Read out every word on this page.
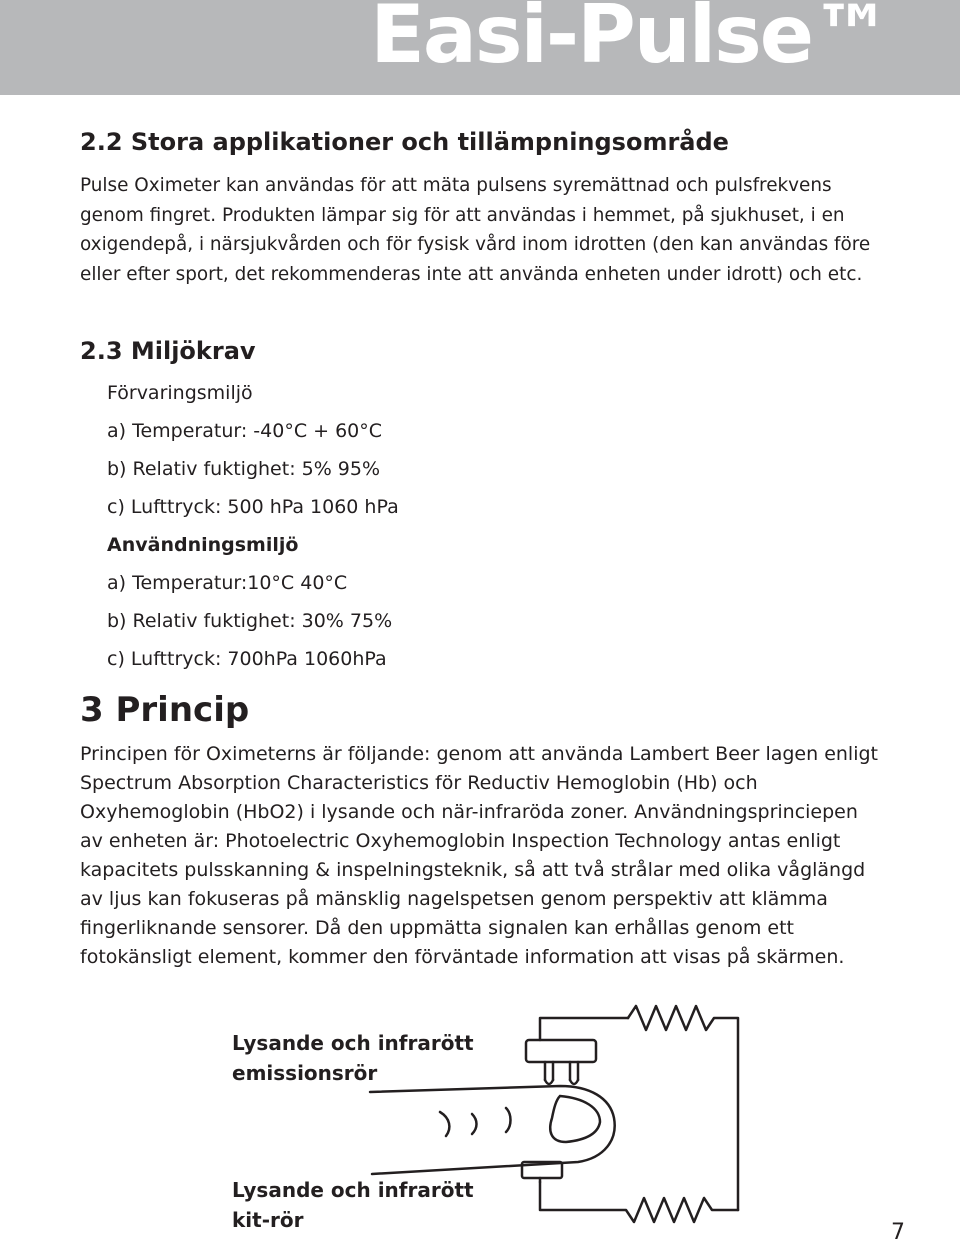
Easi-Pulse™
2.2 Stora applikationer och tillämpningsområde
Pulse Oximeter kan användas för att mäta pulsens syremättnad och pulsfrekvens genom fingret. Produkten lämpar sig för att användas i hemmet, på sjukhuset, i en oxigendepå, i närsjukvården och för fysisk vård inom idrotten (den kan användas före eller efter sport, det rekommenderas inte att använda enheten under idrott) och etc.
2.3 Miljökrav
Förvaringsmiljö
a) Temperatur: -40°C + 60°C
b) Relativ fuktighet: 5% 95%
c) Lufttryck: 500 hPa 1060 hPa
Användningsmiljö
a) Temperatur:10°C 40°C
b) Relativ fuktighet: 30% 75%
c) Lufttryck: 700hPa 1060hPa
3 Princip
Principen för Oximeterns är följande: genom att använda Lambert Beer lagen enligt Spectrum Absorption Characteristics för Reductiv Hemoglobin (Hb) och Oxyhemoglobin (HbO2) i lysande och när-infraröda zoner. Användningsprinciepen av enheten är: Photoelectric Oxyhemoglobin Inspection Technology antas enligt kapacitets pulsskanning & inspelningsteknik, så att två strålar med olika våglängd av ljus kan fokuseras på mänsklig nagelspetsen genom perspektiv att klämma fingerliknande sensorer. Då den uppmätta signalen kan erhållas genom ett fotokänsligt element, kommer den förväntade information att visas på skärmen.
Lysande och infrarött
emissionsrör
Lysande och infrarött
kit-rör	7
